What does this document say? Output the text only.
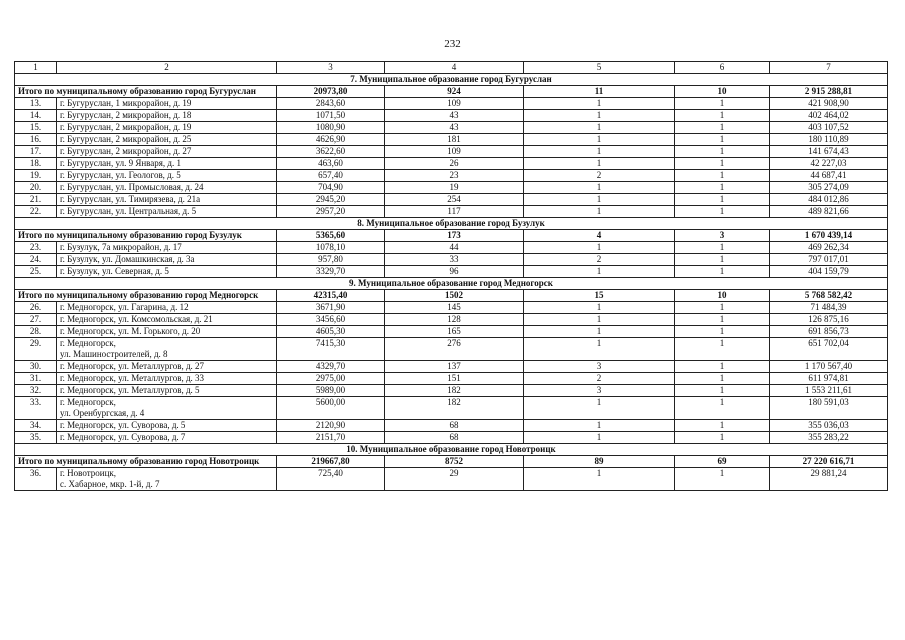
232
1	2	3	4	5	6	7
7. Муниципальное образование город Бугуруслан						
Итого по муниципальному образованию город Бугуруслан		20973,80	924	11	10	2 915 288,81
13.	г. Бугуруслан, 1 микрорайон, д. 19	2843,60	109	1	1	421 908,90
14.	г. Бугуруслан, 2 микрорайон, д. 18	1071,50	43	1	1	402 464,02
15.	г. Бугуруслан, 2 микрорайон, д. 19	1080,90	43	1	1	403 107,52
16.	г. Бугуруслан, 2 микрорайон, д. 25	4626,90	181	1	1	180 110,89
17.	г. Бугуруслан, 2 микрорайон, д. 27	3622,60	109	1	1	141 674,43
18.	г. Бугуруслан, ул. 9 Января, д. 1	463,60	26	1	1	42 227,03
19.	г. Бугуруслан, ул. Геологов, д. 5	657,40	23	2	1	44 687,41
20.	г. Бугуруслан, ул. Промысловая, д. 24	704,90	19	1	1	305 274,09
21.	г. Бугуруслан, ул. Тимирязева, д. 21а	2945,20	254	1	1	484 012,86
22.	г. Бугуруслан, ул. Центральная, д. 5	2957,20	117	1	1	489 821,66
8. Муниципальное образование город Бузулук						
Итого по муниципальному образованию город Бузулук		5365,60	173	4	3	1 670 439,14
23.	г. Бузулук, 7а микрорайон, д. 17	1078,10	44	1	1	469 262,34
24.	г. Бузулук, ул. Домашкинская, д. 3а	957,80	33	2	1	797 017,01
25.	г. Бузулук, ул. Северная, д. 5	3329,70	96	1	1	404 159,79
9. Муниципальное образование город Медногорск						
Итого по муниципальному образованию город Медногорск		42315,40	1502	15	10	5 768 582,42
26.	г. Медногорск, ул. Гагарина, д. 12	3671,90	145	1	1	71 484,39
27.	г. Медногорск, ул. Комсомольская, д. 21	3456,60	128	1	1	126 875,16
28.	г. Медногорск, ул. М. Горького, д. 20	4605,30	165	1	1	691 856,73
29.	г. Медногорск,
ул. Машиностроителей, д. 8	7415,30	276	1	1	651 702,04
30.	г. Медногорск, ул. Металлургов, д. 27	4329,70	137	3	1	1 170 567,40
31.	г. Медногорск, ул. Металлургов, д. 33	2975,00	151	2	1	611 974,81
32.	г. Медногорск, ул. Металлургов, д. 5	5989,00	182	3	1	1 553 211,61
33.	г. Медногорск,
ул. Оренбургская, д. 4	5600,00	182	1	1	180 591,03
34.	г. Медногорск, ул. Суворова, д. 5	2120,90	68	1	1	355 036,03
35.	г. Медногорск, ул. Суворова, д. 7	2151,70	68	1	1	355 283,22
10. Муниципальное образование город Новотроицк						
Итого по муниципальному образованию город Новотроицк		219667,80	8752	89	69	27 220 616,71
36.	г. Новотроицк,
с. Хабарное, мкр. 1-й, д. 7	725,40	29	1	1	29 881,24
